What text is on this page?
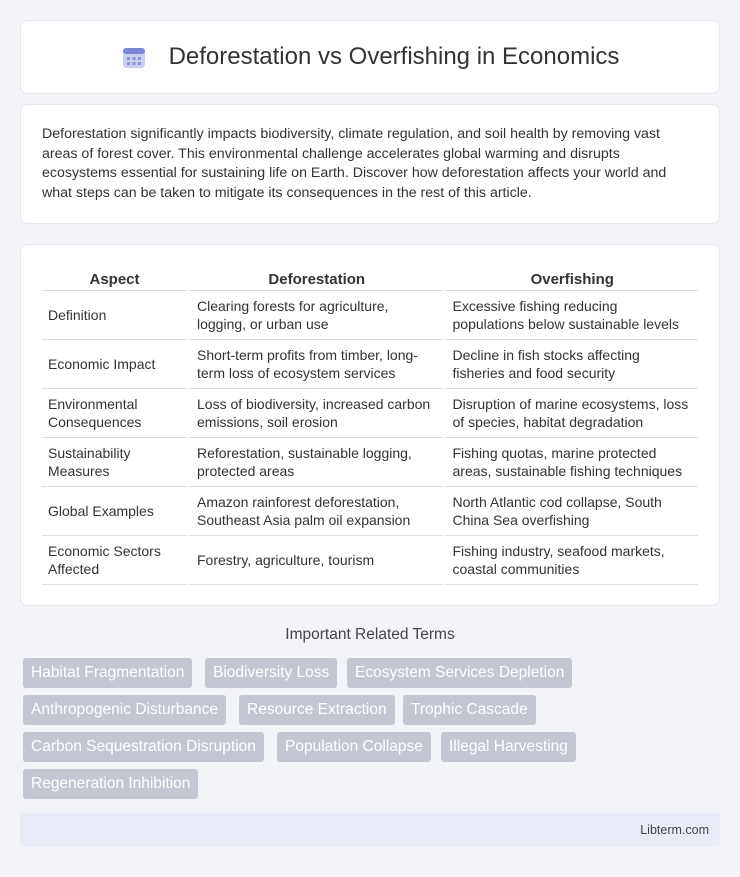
Deforestation vs Overfishing in Economics

Deforestation significantly impacts biodiversity, climate regulation, and soil health by removing vast areas of forest cover. This environmental challenge accelerates global warming and disrupts ecosystems essential for sustaining life on Earth. Discover how deforestation affects your world and what steps can be taken to mitigate its consequences in the rest of this article.

Aspect	Deforestation	Overfishing
Definition	Clearing forests for agriculture, logging, or urban use	Excessive fishing reducing populations below sustainable levels
Economic Impact	Short-term profits from timber, long-term loss of ecosystem services	Decline in fish stocks affecting fisheries and food security
Environmental Consequences	Loss of biodiversity, increased carbon emissions, soil erosion	Disruption of marine ecosystems, loss of species, habitat degradation
Sustainability Measures	Reforestation, sustainable logging, protected areas	Fishing quotas, marine protected areas, sustainable fishing techniques
Global Examples	Amazon rainforest deforestation, Southeast Asia palm oil expansion	North Atlantic cod collapse, South China Sea overfishing
Economic Sectors Affected	Forestry, agriculture, tourism	Fishing industry, seafood markets, coastal communities
Important Related Terms
Habitat Fragmentation	Biodiversity Loss	Ecosystem Services Depletion
Anthropogenic Disturbance	Resource Extraction	Trophic Cascade
Carbon Sequestration Disruption	Population Collapse	Illegal Harvesting
Regeneration Inhibition
Libterm.com
